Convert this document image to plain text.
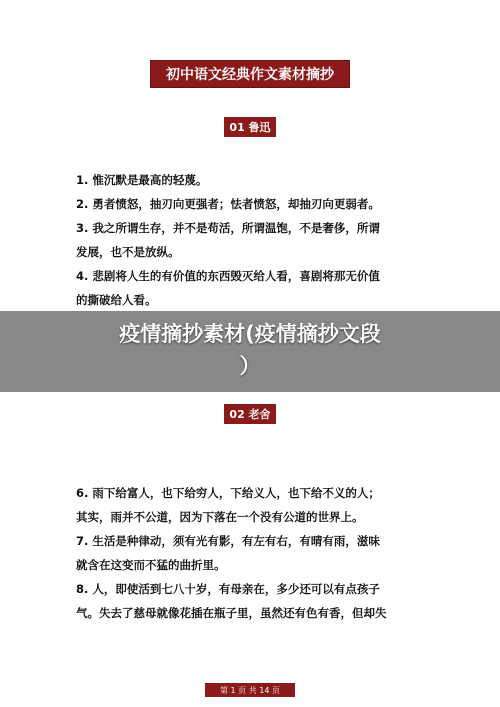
初中语文经典作文素材摘抄
01 鲁迅
1. 惟沉默是最高的轻蔑。
2. 勇者愤怒，抽刃向更强者；怯者愤怒，却抽刃向更弱者。
3. 我之所谓生存，并不是苟活，所谓温饱，不是奢侈，所谓
发展，也不是放纵。
4. 悲剧将人生的有价值的东西毁灭给人看，喜剧将那无价值
的撕破给人看。
02 老舍
6. 雨下给富人，也下给穷人，下给义人，也下给不义的人；
其实，雨并不公道，因为下落在一个没有公道的世界上。
7. 生活是种律动，须有光有影，有左有右，有晴有雨，滋味
就含在这变而不猛的曲折里。
8. 人，即使活到七八十岁，有母亲在，多少还可以有点孩子
气。失去了慈母就像花插在瓶子里，虽然还有色有香，但却失
疫情摘抄素材(疫情摘抄文段
）
第 1 页 共 14 页
